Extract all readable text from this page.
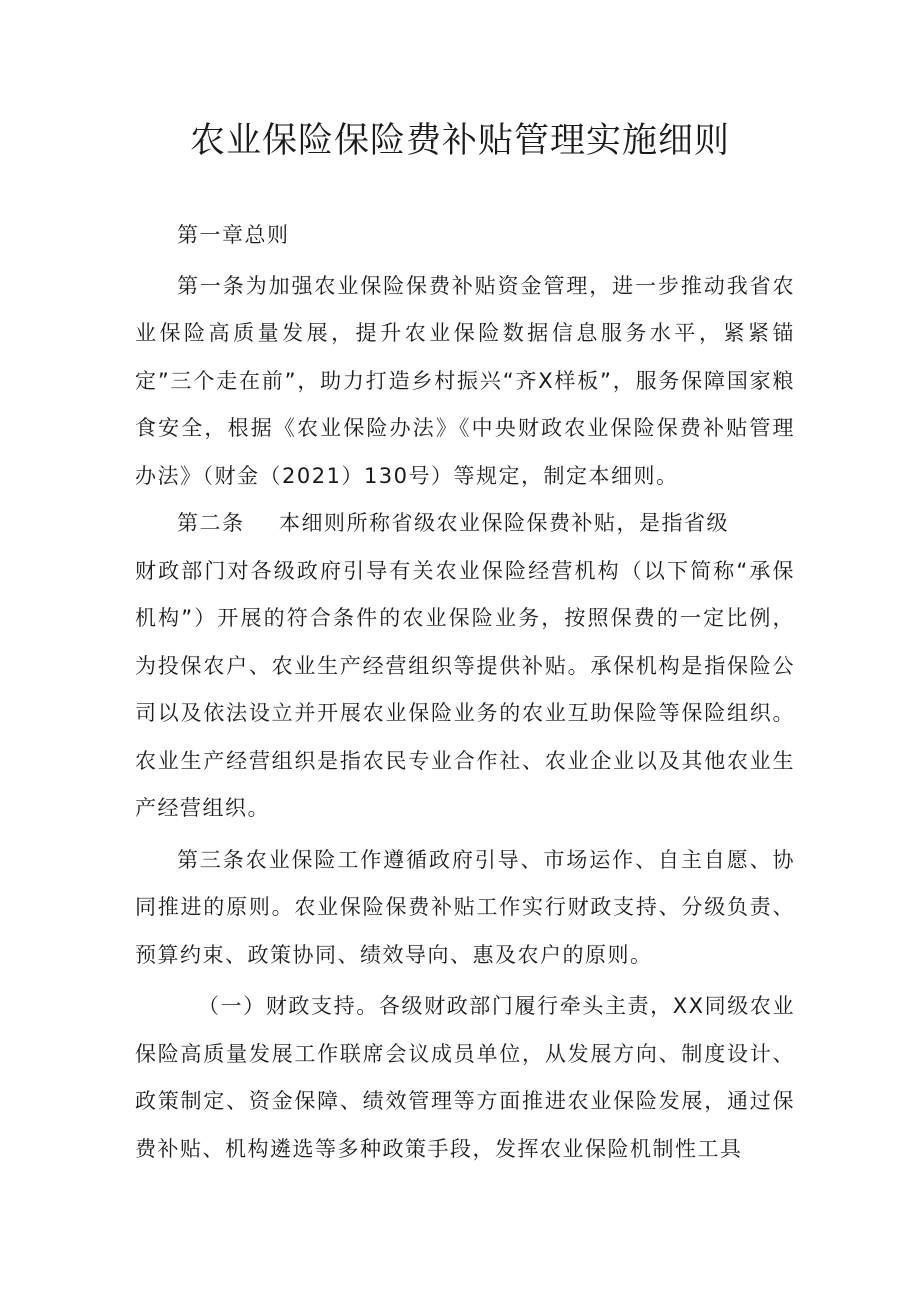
农业保险保险费补贴管理实施细则

第一章总则

第一条为加强农业保险保费补贴资金管理，进一步推动我省农业保险高质量发展，提升农业保险数据信息服务水平，紧紧锚定”三个走在前”，助力打造乡村振兴“齐X样板”，服务保障国家粮食安全，根据《农业保险办法》《中央财政农业保险保费补贴管理办法》（财金（2021）130号）等规定，制定本细则。

第二条   本细则所称省级农业保险保费补贴，是指省级
财政部门对各级政府引导有关农业保险经营机构（以下简称“承保机构”）开展的符合条件的农业保险业务，按照保费的一定比例，为投保农户、农业生产经营组织等提供补贴。承保机构是指保险公司以及依法设立并开展农业保险业务的农业互助保险等保险组织。农业生产经营组织是指农民专业合作社、农业企业以及其他农业生产经营组织。

第三条农业保险工作遵循政府引导、市场运作、自主自愿、协同推进的原则。农业保险保费补贴工作实行财政支持、分级负责、预算约束、政策协同、绩效导向、惠及农户的原则。

（一）财政支持。各级财政部门履行牵头主责，XX同级农业保险高质量发展工作联席会议成员单位，从发展方向、制度设计、政策制定、资金保障、绩效管理等方面推进农业保险发展，通过保费补贴、机构遴选等多种政策手段，发挥农业保险机制性工具
